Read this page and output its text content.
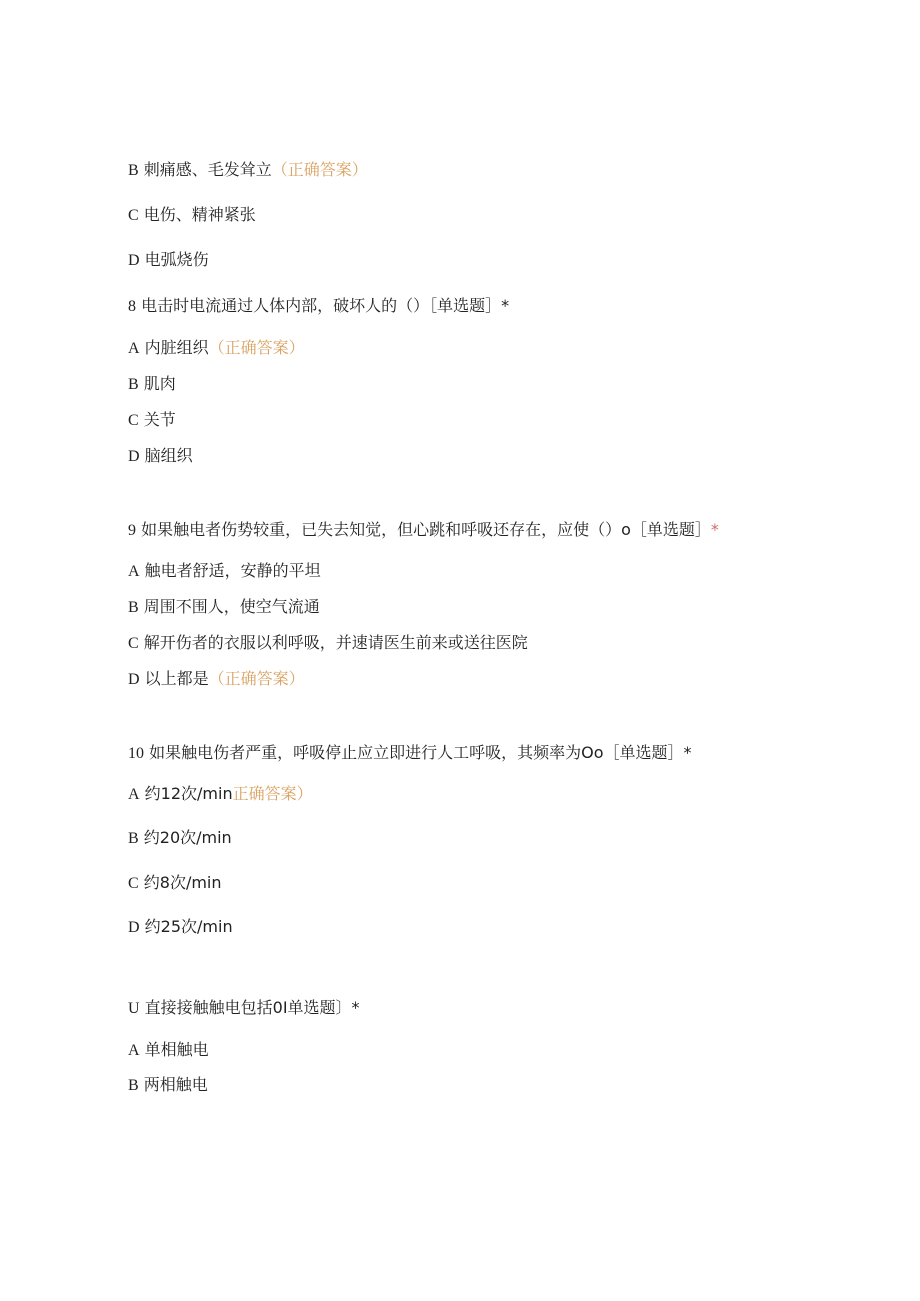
B 刺痛感、毛发耸立（正确答案）
C 电伤、精神紧张
D 电弧烧伤
8 电击时电流通过人体内部，破坏人的（）［单选题］*
A 内脏组织（正确答案）
B 肌肉
C 关节
D 脑组织
9 如果触电者伤势较重，已失去知觉，但心跳和呼吸还存在，应使（）o［单选题］*
A 触电者舒适，安静的平坦
B 周围不围人，使空气流通
C 解开伤者的衣服以利呼吸，并速请医生前来或送往医院
D 以上都是（正确答案）
10 如果触电伤者严重，呼吸停止应立即进行人工呼吸，其频率为Oo［单选题］*
A 约12次/min正确答案）
B 约20次/min
C 约8次/min
D 约25次/min
U 直接接触触电包括0I单选题〕*
A 单相触电
B 两相触电
